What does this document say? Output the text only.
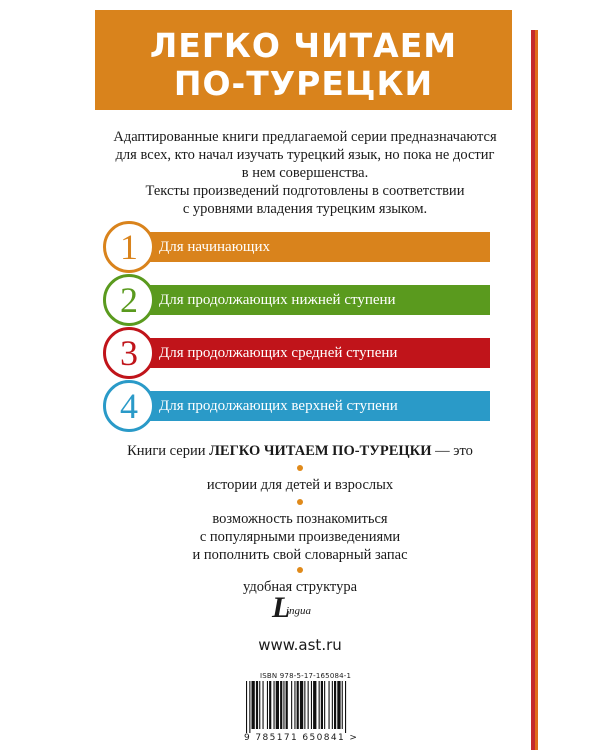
ЛЕГКО ЧИТАЕМ
ПО-ТУРЕЦКИ
Адаптированные книги предлагаемой серии предназначаются
для всех, кто начал изучать турецкий язык, но пока не достиг
в нем совершенства.
Тексты произведений подготовлены в соответствии
с уровнями владения турецким языком.
1	Для начинающих
2	Для продолжающих нижней ступени
3	Для продолжающих средней ступени
4	Для продолжающих верхней ступени
Книги серии ЛЕГКО ЧИТАЕМ ПО-ТУРЕЦКИ — это
истории для детей и взрослых
возможность познакомиться
с популярными произведениями
и пополнить свой словарный запас
удобная структура
L
ingua
www.ast.ru
ISBN 978-5-17-165084-1
9 785171 650841 >
